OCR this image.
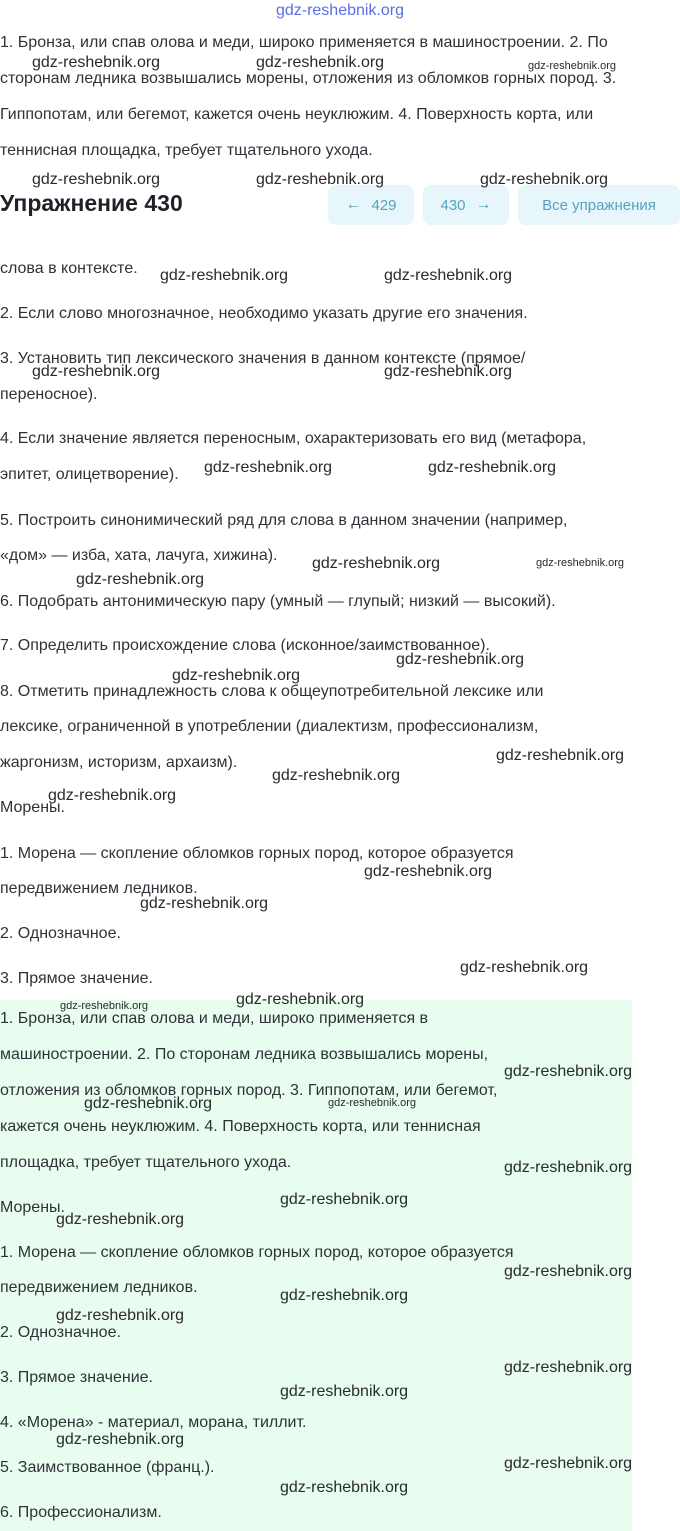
gdz-reshebnik.org
1. Бронза, или спав олова и меди, широко применяется в машиностроении. 2. По сторонам ледника возвышались морены, отложения из обломков горных пород. 3. Гиппопотам, или бегемот, кажется очень неуклюжим. 4. Поверхность корта, или теннисная площадка, требует тщательного ухода.
Упражнение 430	← 429	430 →	Все упражнения
слова в контексте.
2. Если слово многозначное, необходимо указать другие его значения.
3. Установить тип лексического значения в данном контексте (прямое/
переносное).
4. Если значение является переносным, охарактеризовать его вид (метафора,
эпитет, олицетворение).
5. Построить синонимический ряд для слова в данном значении (например,
«дом» — изба, хата, лачуга, хижина).
6. Подобрать антонимическую пару (умный — глупый; низкий — высокий).
7. Определить происхождение слова (исконное/заимствованное).
8. Отметить принадлежность слова к общеупотребительной лексике или
лексике, ограниченной в употреблении (диалектизм, профессионализм,
жаргонизм, историзм, архаизм).
Морены.
1. Морена — скопление обломков горных пород, которое образуется
передвижением ледников.
2. Однозначное.
3. Прямое значение.
1. Бронза, или спав олова и меди, широко применяется в
машиностроении. 2. По сторонам ледника возвышались морены,
отложения из обломков горных пород. 3. Гиппопотам, или бегемот,
кажется очень неуклюжим. 4. Поверхность корта, или теннисная
площадка, требует тщательного ухода.
Морены.
1. Морена — скопление обломков горных пород, которое образуется
передвижением ледников.
2. Однозначное.
3. Прямое значение.
4. «Морена» - материал, морана, тиллит.
5. Заимствованное (франц.).
6. Профессионализм.
gdz-reshebnik.org	gdz-reshebnik.org	gdz-reshebnik.org
gdz-reshebnik.org	gdz-reshebnik.org	gdz-reshebnik.org
gdz-reshebnik.org	gdz-reshebnik.org
gdz-reshebnik.org	gdz-reshebnik.org
gdz-reshebnik.org	gdz-reshebnik.org
gdz-reshebnik.org	gdz-reshebnik.org
gdz-reshebnik.org
gdz-reshebnik.org
gdz-reshebnik.org
gdz-reshebnik.org
gdz-reshebnik.org
gdz-reshebnik.org
gdz-reshebnik.org
gdz-reshebnik.org
gdz-reshebnik.org
gdz-reshebnik.org
gdz-reshebnik.org
gdz-reshebnik.org
gdz-reshebnik.org	gdz-reshebnik.org
gdz-reshebnik.org
gdz-reshebnik.org
gdz-reshebnik.org
gdz-reshebnik.org
gdz-reshebnik.org
gdz-reshebnik.org
gdz-reshebnik.org
gdz-reshebnik.org
gdz-reshebnik.org
gdz-reshebnik.org
gdz-reshebnik.org
